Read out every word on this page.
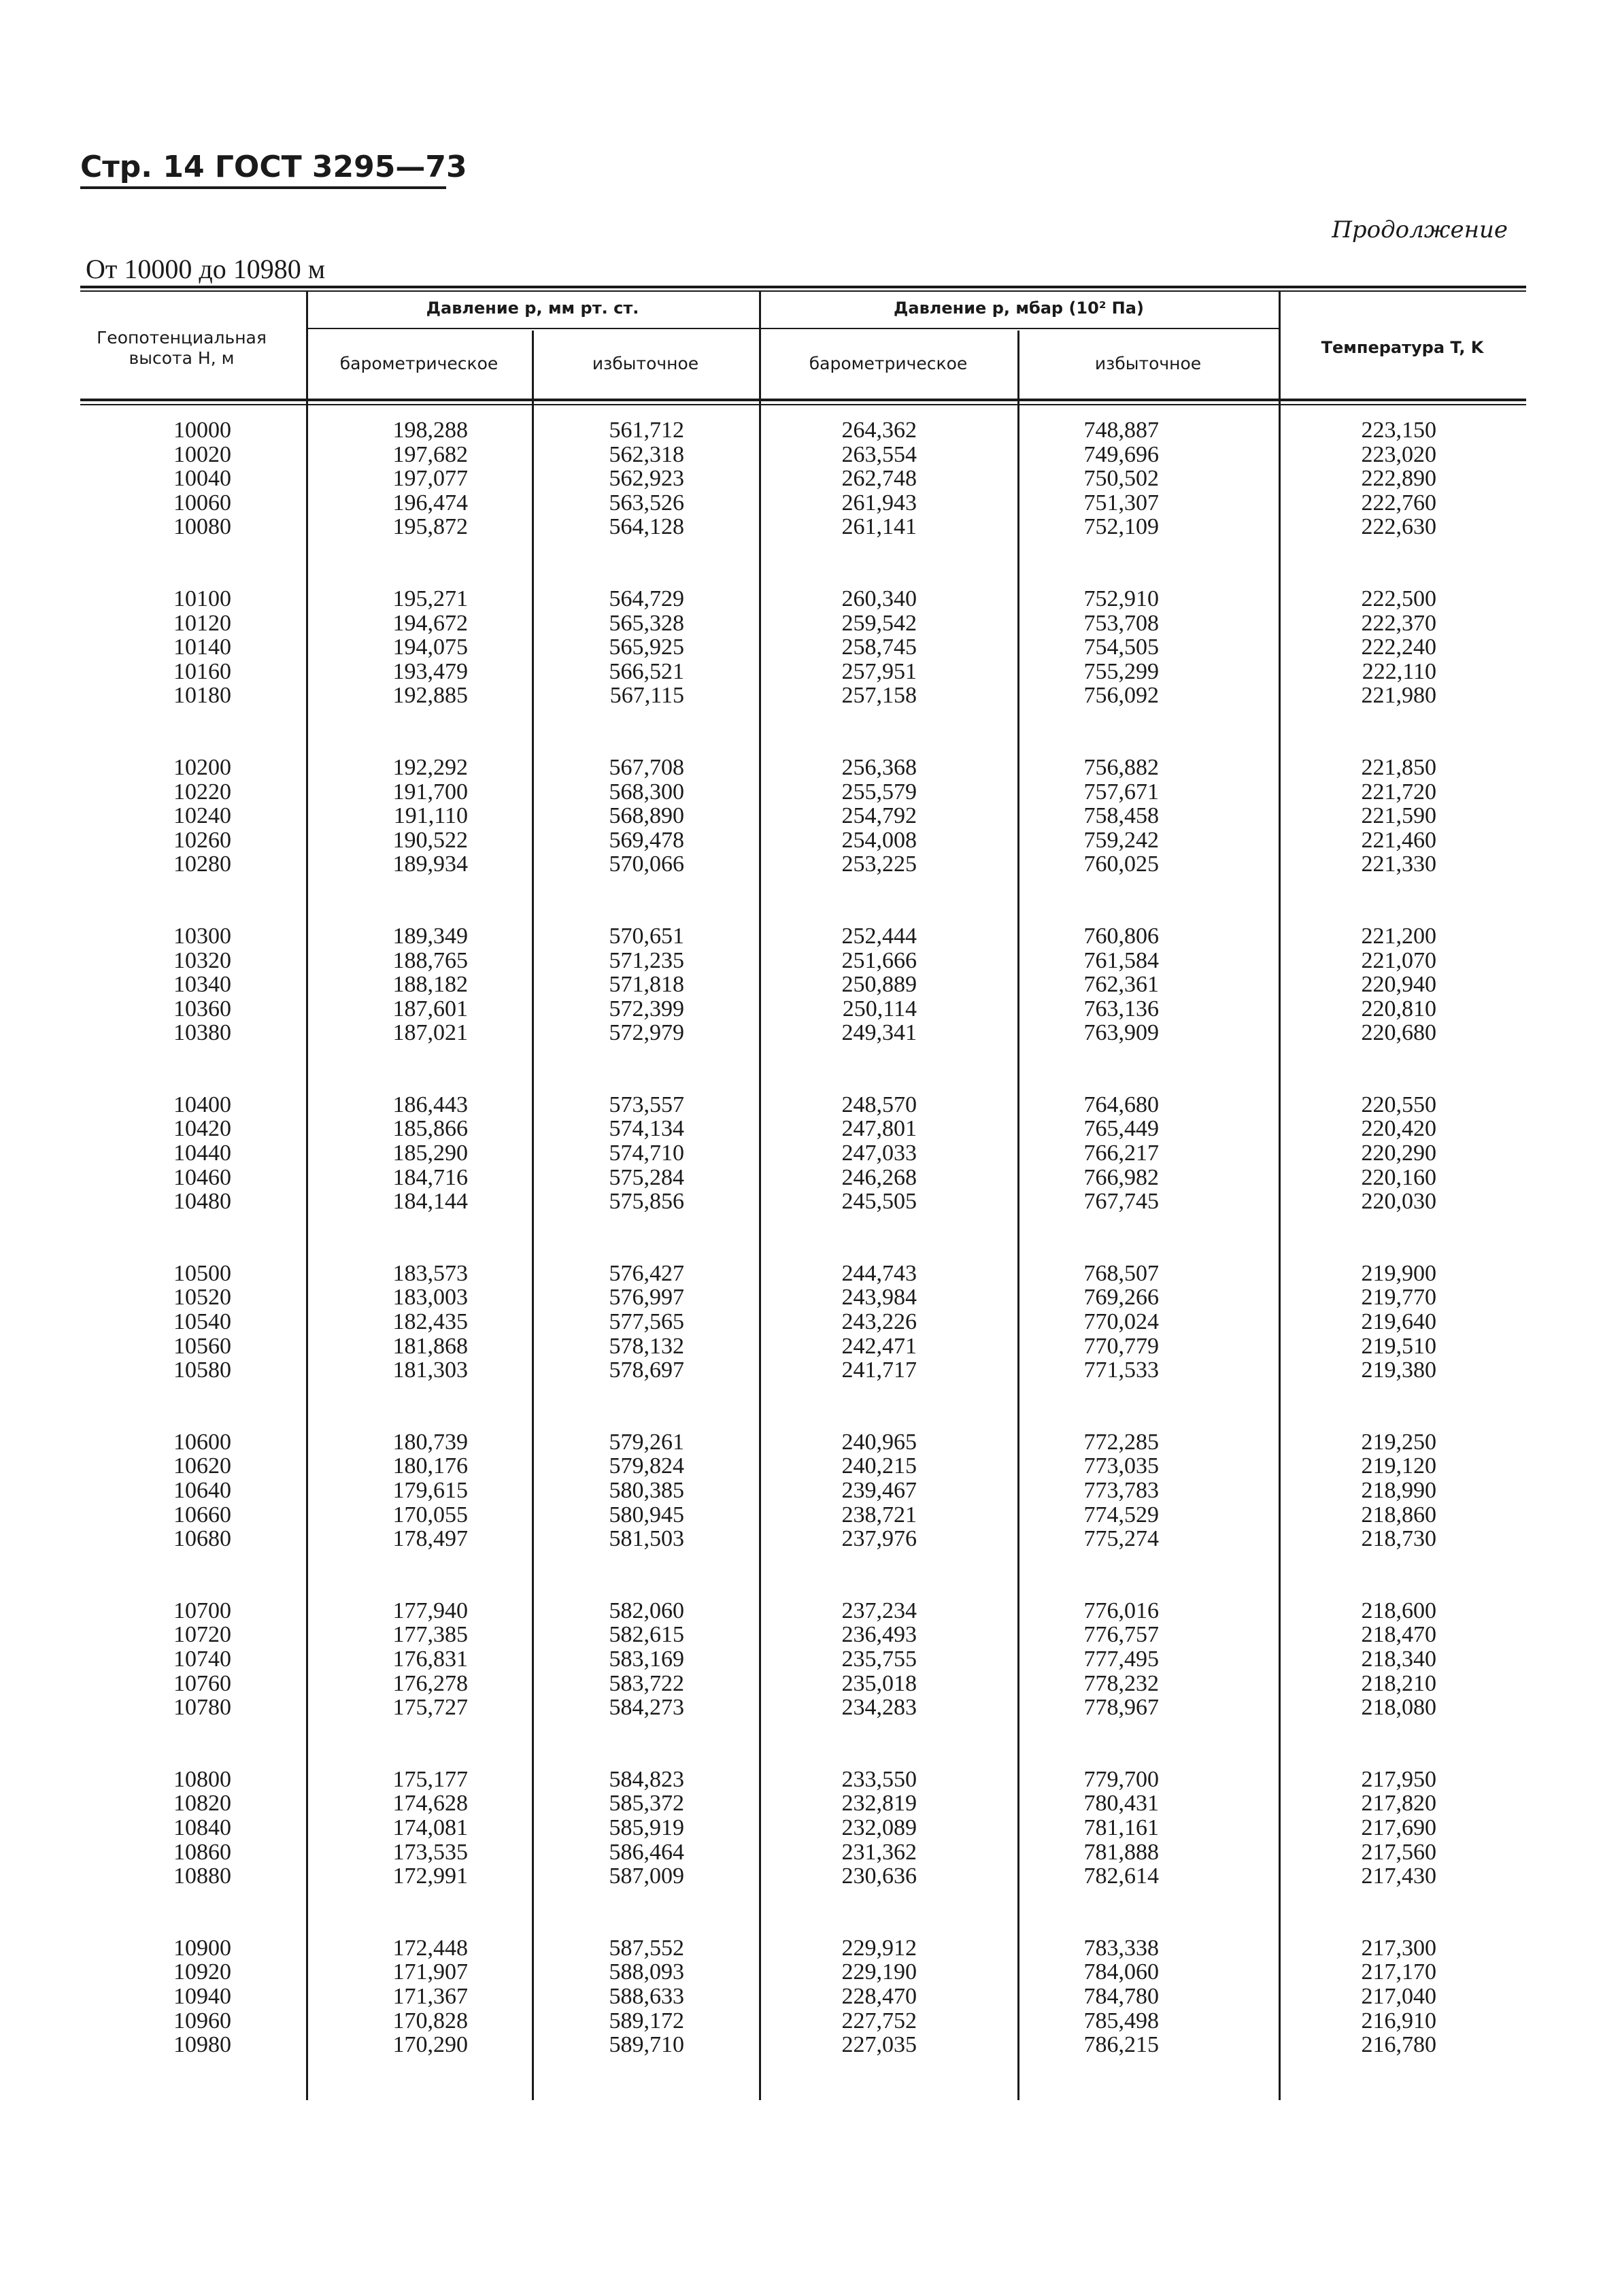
Стр. 14 ГОСТ 3295—73
Продолжение
От 10000 до 10980 м
Геопотенциальная высота H, м
Давление p, мм рт. ст.	Давление p, мбар (10² Па)
барометрическое	избыточное	барометрическое	избыточное
Температура T, K
10000	198,288	561,712	264,362	748,887	223,150
10020	197,682	562,318	263,554	749,696	223,020
10040	197,077	562,923	262,748	750,502	222,890
10060	196,474	563,526	261,943	751,307	222,760
10080	195,872	564,128	261,141	752,109	222,630
10100	195,271	564,729	260,340	752,910	222,500
10120	194,672	565,328	259,542	753,708	222,370
10140	194,075	565,925	258,745	754,505	222,240
10160	193,479	566,521	257,951	755,299	222,110
10180	192,885	567,115	257,158	756,092	221,980
10200	192,292	567,708	256,368	756,882	221,850
10220	191,700	568,300	255,579	757,671	221,720
10240	191,110	568,890	254,792	758,458	221,590
10260	190,522	569,478	254,008	759,242	221,460
10280	189,934	570,066	253,225	760,025	221,330
10300	189,349	570,651	252,444	760,806	221,200
10320	188,765	571,235	251,666	761,584	221,070
10340	188,182	571,818	250,889	762,361	220,940
10360	187,601	572,399	250,114	763,136	220,810
10380	187,021	572,979	249,341	763,909	220,680
10400	186,443	573,557	248,570	764,680	220,550
10420	185,866	574,134	247,801	765,449	220,420
10440	185,290	574,710	247,033	766,217	220,290
10460	184,716	575,284	246,268	766,982	220,160
10480	184,144	575,856	245,505	767,745	220,030
10500	183,573	576,427	244,743	768,507	219,900
10520	183,003	576,997	243,984	769,266	219,770
10540	182,435	577,565	243,226	770,024	219,640
10560	181,868	578,132	242,471	770,779	219,510
10580	181,303	578,697	241,717	771,533	219,380
10600	180,739	579,261	240,965	772,285	219,250
10620	180,176	579,824	240,215	773,035	219,120
10640	179,615	580,385	239,467	773,783	218,990
10660	170,055	580,945	238,721	774,529	218,860
10680	178,497	581,503	237,976	775,274	218,730
10700	177,940	582,060	237,234	776,016	218,600
10720	177,385	582,615	236,493	776,757	218,470
10740	176,831	583,169	235,755	777,495	218,340
10760	176,278	583,722	235,018	778,232	218,210
10780	175,727	584,273	234,283	778,967	218,080
10800	175,177	584,823	233,550	779,700	217,950
10820	174,628	585,372	232,819	780,431	217,820
10840	174,081	585,919	232,089	781,161	217,690
10860	173,535	586,464	231,362	781,888	217,560
10880	172,991	587,009	230,636	782,614	217,430
10900	172,448	587,552	229,912	783,338	217,300
10920	171,907	588,093	229,190	784,060	217,170
10940	171,367	588,633	228,470	784,780	217,040
10960	170,828	589,172	227,752	785,498	216,910
10980	170,290	589,710	227,035	786,215	216,780
